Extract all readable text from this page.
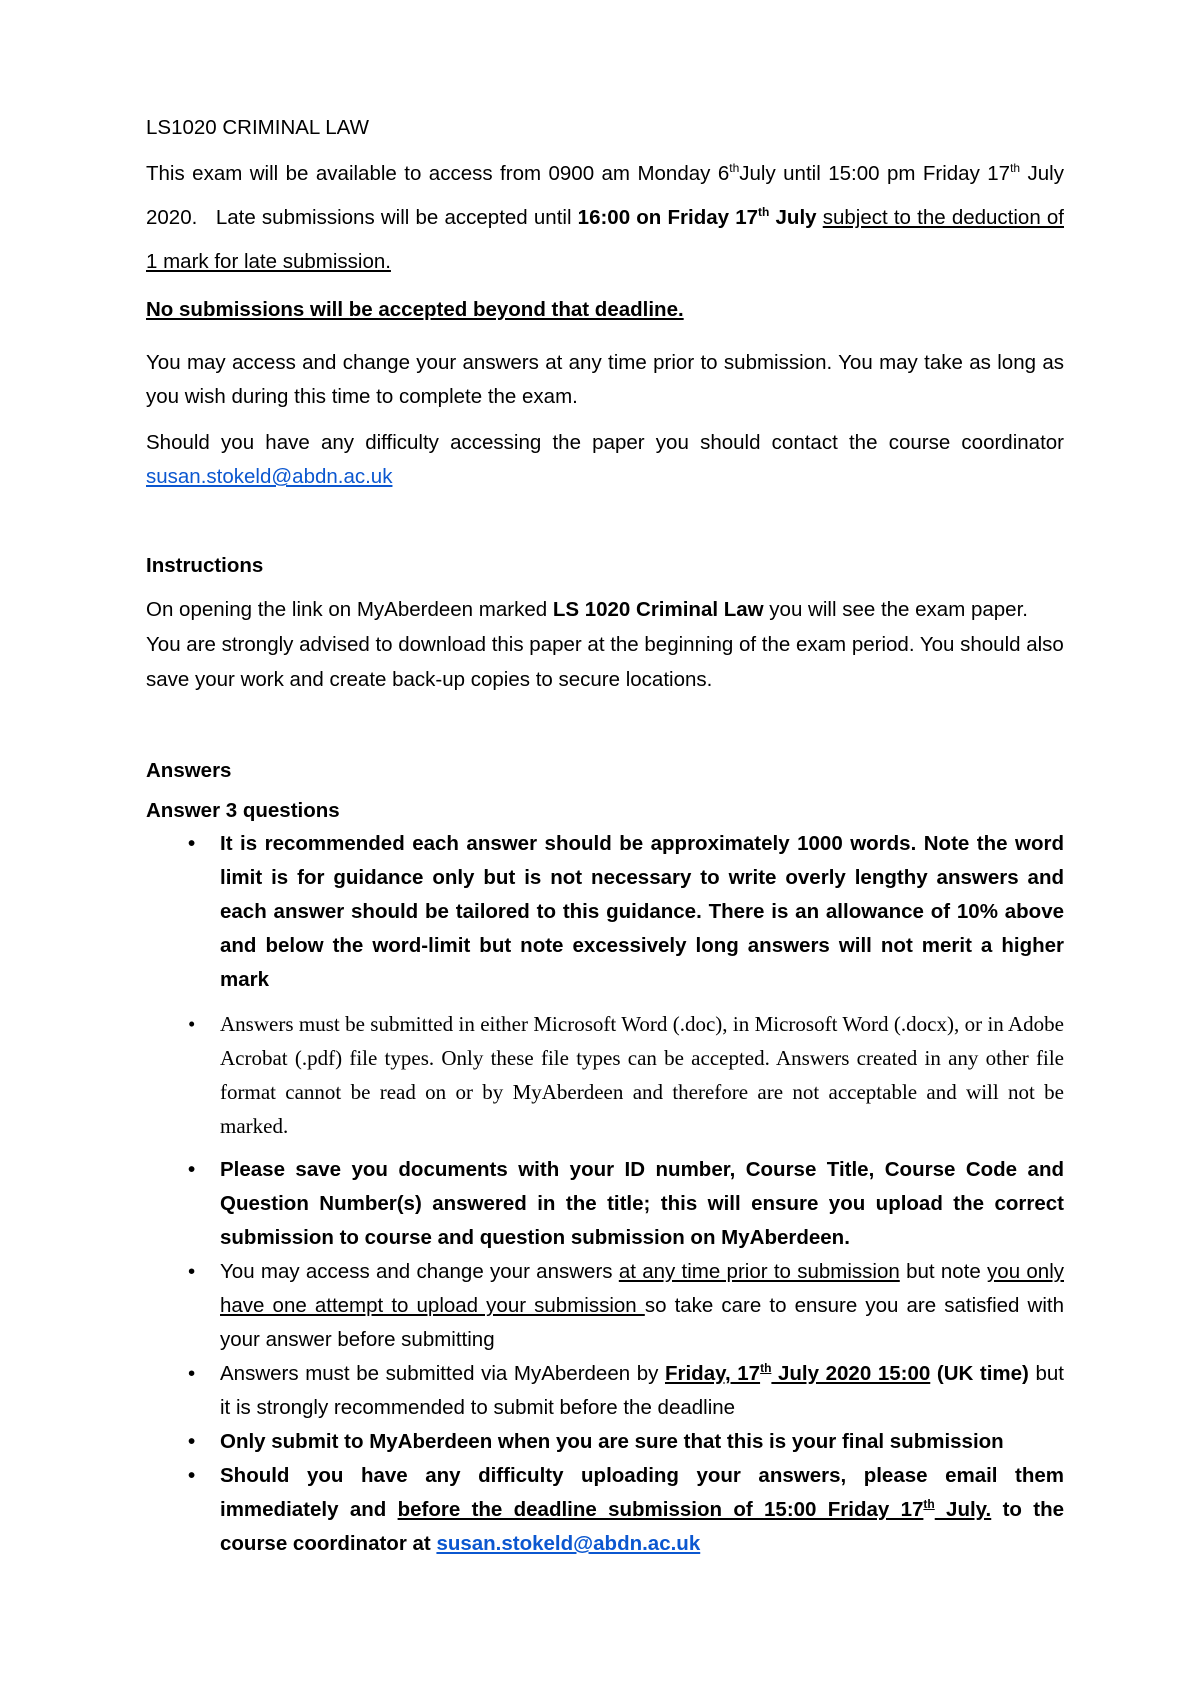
LS1020 CRIMINAL LAW

This exam will be available to access from 0900 am Monday 6thJuly until 15:00 pm Friday 17th July 2020.   Late submissions will be accepted until 16:00 on Friday 17th July subject to the deduction of 1 mark for late submission.

No submissions will be accepted beyond that deadline.

You may access and change your answers at any time prior to submission. You may take as long as you wish during this time to complete the exam.

Should you have any difficulty accessing the paper you should contact the course coordinator susan.stokeld@abdn.ac.uk

Instructions

On opening the link on MyAberdeen marked LS 1020 Criminal Law you will see the exam paper. You are strongly advised to download this paper at the beginning of the exam period. You should also save your work and create back-up copies to secure locations.

Answers

Answer 3 questions

• It is recommended each answer should be approximately 1000 words. Note the word limit is for guidance only but is not necessary to write overly lengthy answers and each answer should be tailored to this guidance. There is an allowance of 10% above and below the word-limit but note excessively long answers will not merit a higher mark
• Answers must be submitted in either Microsoft Word (.doc), in Microsoft Word (.docx), or in Adobe Acrobat (.pdf) file types. Only these file types can be accepted. Answers created in any other file format cannot be read on or by MyAberdeen and therefore are not acceptable and will not be marked.
• Please save you documents with your ID number, Course Title, Course Code and Question Number(s) answered in the title; this will ensure you upload the correct submission to course and question submission on MyAberdeen.
• You may access and change your answers at any time prior to submission but note you only have one attempt to upload your submission so take care to ensure you are satisfied with your answer before submitting
• Answers must be submitted via MyAberdeen by Friday, 17th July 2020 15:00 (UK time) but it is strongly recommended to submit before the deadline
• Only submit to MyAberdeen when you are sure that this is your final submission
• Should you have any difficulty uploading your answers, please email them immediately and before the deadline submission of 15:00 Friday 17th July. to the course coordinator at susan.stokeld@abdn.ac.uk
